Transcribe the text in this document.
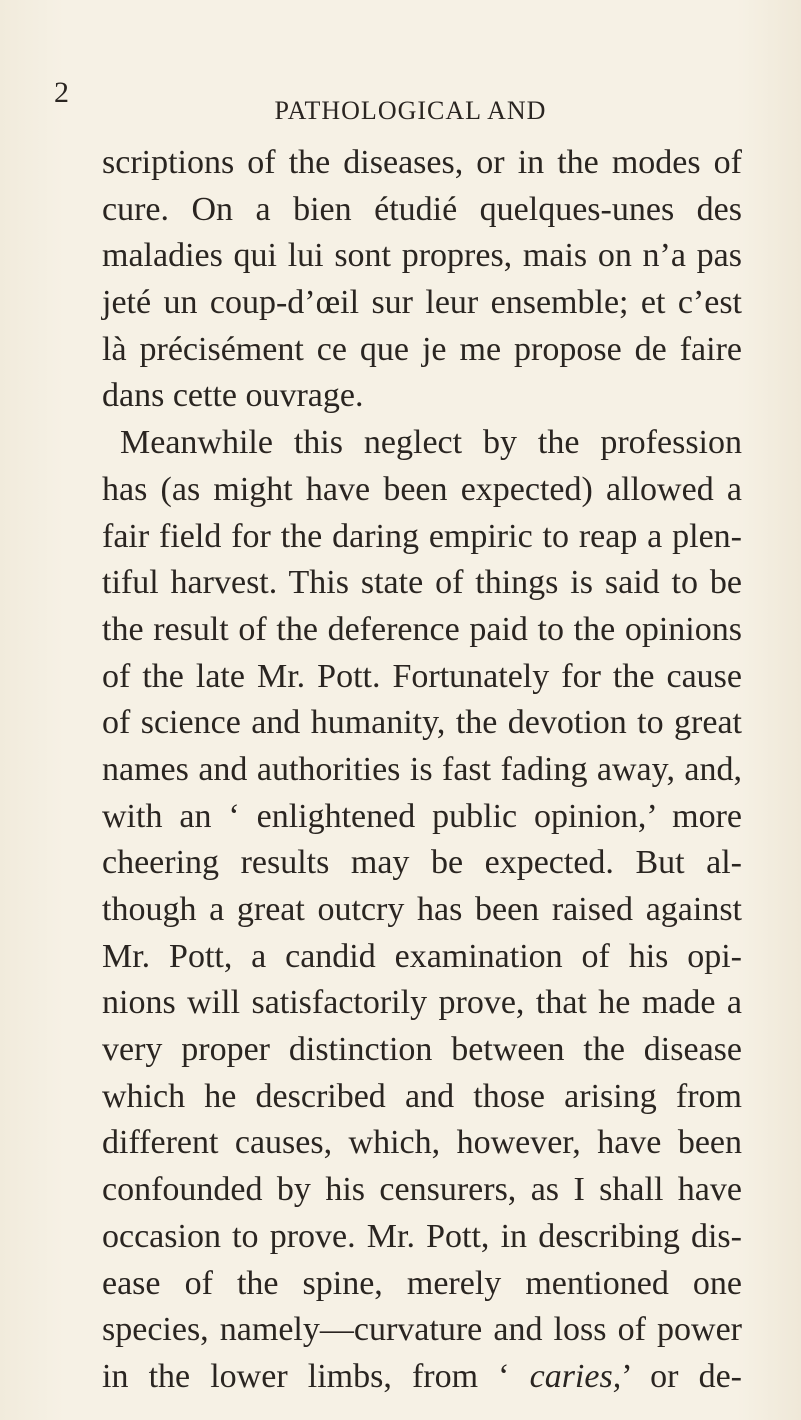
2
PATHOLOGICAL AND
scriptions of the diseases, or in the modes of
cure. On a bien étudié quelques-unes des
maladies qui lui sont propres, mais on n’a pas
jeté un coup-d’œil sur leur ensemble; et c’est
là précisément ce que je me propose de faire
dans cette ouvrage.
Meanwhile this neglect by the profession
has (as might have been expected) allowed a
fair field for the daring empiric to reap a plen-
tiful harvest. This state of things is said to be
the result of the deference paid to the opinions
of the late Mr. Pott. Fortunately for the cause
of science and humanity, the devotion to great
names and authorities is fast fading away, and,
with an ‘ enlightened public opinion,’ more
cheering results may be expected. But al-
though a great outcry has been raised against
Mr. Pott, a candid examination of his opi-
nions will satisfactorily prove, that he made a
very proper distinction between the disease
which he described and those arising from
different causes, which, however, have been
confounded by his censurers, as I shall have
occasion to prove. Mr. Pott, in describing dis-
ease of the spine, merely mentioned one
species, namely—curvature and loss of power
in the lower limbs, from ‘ caries,’ or de-
